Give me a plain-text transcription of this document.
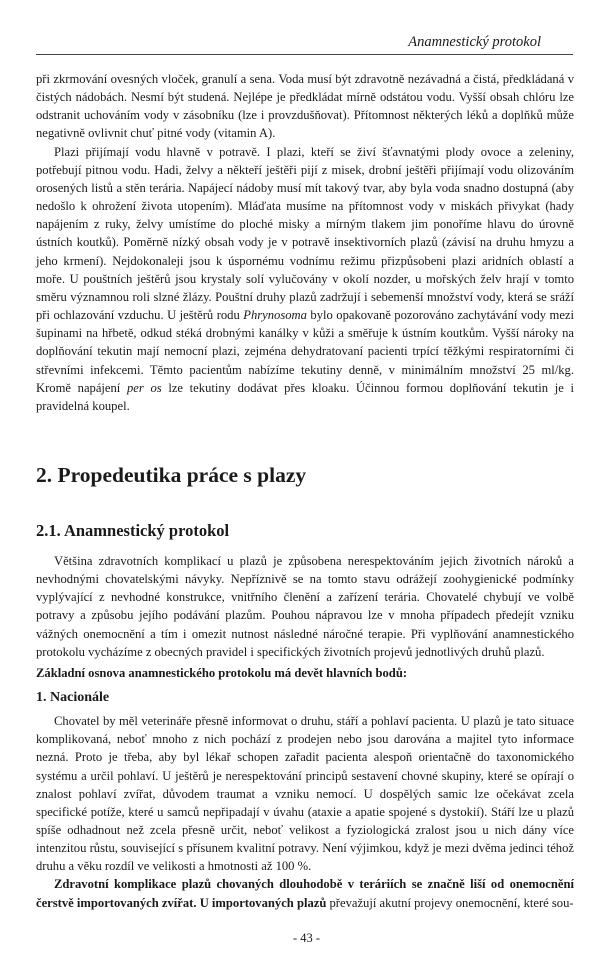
Anamnestický protokol

při zkrmování ovesných vloček, granulí a sena. Voda musí být zdravotně nezávadná a čistá, předkládaná v čistých nádobách. Nesmí být studená. Nejlépe je předkládat mírně odstátou vodu. Vyšší obsah chlóru lze odstranit uchováním vody v zásobníku (lze i provzdušňovat). Přítomnost některých léků a doplňků může negativně ovlivnit chuť pitné vody (vitamin A).

Plazi přijímají vodu hlavně v potravě. I plazi, kteří se živí šťavnatými plody ovoce a zeleniny, potřebují pitnou vodu. Hadi, želvy a někteří ještěři pijí z misek, drobní ještěři přijímají vodu olizováním orosených listů a stěn terária. Napájecí nádoby musí mít takový tvar, aby byla voda snadno dostupná (aby nedošlo k ohrožení života utopením). Mláďata musíme na přítomnost vody v miskách přivykat (hady napájením z ruky, želvy umístíme do ploché misky a mírným tlakem jim ponoříme hlavu do úrovně ústních koutků). Poměrně nízký obsah vody je v potravě insektivorních plazů (závisí na druhu hmyzu a jeho krmení). Nejdokonaleji jsou k úspornému vodnímu režimu přizpůsobeni plazi aridních oblastí a moře. U pouštních ještěrů jsou krystaly solí vylučovány v okolí nozder, u mořských želv hrají v tomto směru významnou roli slzné žlázy. Pouštní druhy plazů zadržují i sebemenší množství vody, která se sráží při ochlazování vzduchu. U ještěrů rodu Phrynosoma bylo opakovaně pozorováno zachytávání vody mezi šupinami na hřbetě, odkud stéká drobnými kanálky v kůži a směřuje k ústním koutkům. Vyšší nároky na doplňování tekutin mají nemocní plazi, zejména dehydratovaní pacienti trpící těžkými respiratorními či střevními infekcemi. Těmto pacientům nabízíme tekutiny denně, v minimálním množství 25 ml/kg. Kromě napájení per os lze tekutiny dodávat přes kloaku. Účinnou formou doplňování tekutin je i pravidelná koupel.

2. Propedeutika práce s plazy
2.1. Anamnestický protokol

Většina zdravotních komplikací u plazů je způsobena nerespektováním jejich životních nároků a nevhodnými chovatelskými návyky. Nepříznivě se na tomto stavu odrážejí zoohygienické podmínky vyplývající z nevhodné konstrukce, vnitřního členění a zařízení terária. Chovatelé chybují ve volbě potravy a způsobu jejího podávání plazům. Pouhou nápravou lze v mnoha případech předejít vzniku vážných onemocnění a tím i omezit nutnost následné náročné terapie. Při vyplňování anamnestického protokolu vycházíme z obecných pravidel i specifických životních projevů jednotlivých druhů plazů.

Základní osnova anamnestického protokolu má devět hlavních bodů:

1. Nacionále

Chovatel by měl veterináře přesně informovat o druhu, stáří a pohlaví pacienta. U plazů je tato situace komplikovaná, neboť mnoho z nich pochází z prodejen nebo jsou darována a majitel tyto informace nezná. Proto je třeba, aby byl lékař schopen zařadit pacienta alespoň orientačně do taxonomického systému a určil pohlaví. U ještěrů je nerespektování principů sestavení chovné skupiny, které se opírají o znalost pohlaví zvířat, důvodem traumat a vzniku nemocí. U dospělých samic lze očekávat zcela specifické potíže, které u samců nepřipadají v úvahu (ataxie a apatie spojené s dystokií). Stáří lze u plazů spíše odhadnout než zcela přesně určit, neboť velikost a fyziologická zralost jsou u nich dány více intenzitou růstu, související s přísunem kvalitní potravy. Není výjimkou, když je mezi dvěma jedinci téhož druhu a věku rozdíl ve velikosti a hmotnosti až 100 %.

Zdravotní komplikace plazů chovaných dlouhodobě v teráriích se značně liší od onemocnění čerstvě importovaných zvířat. U importovaných plazů převažují akutní projevy onemocnění, které sou-

- 43 -
